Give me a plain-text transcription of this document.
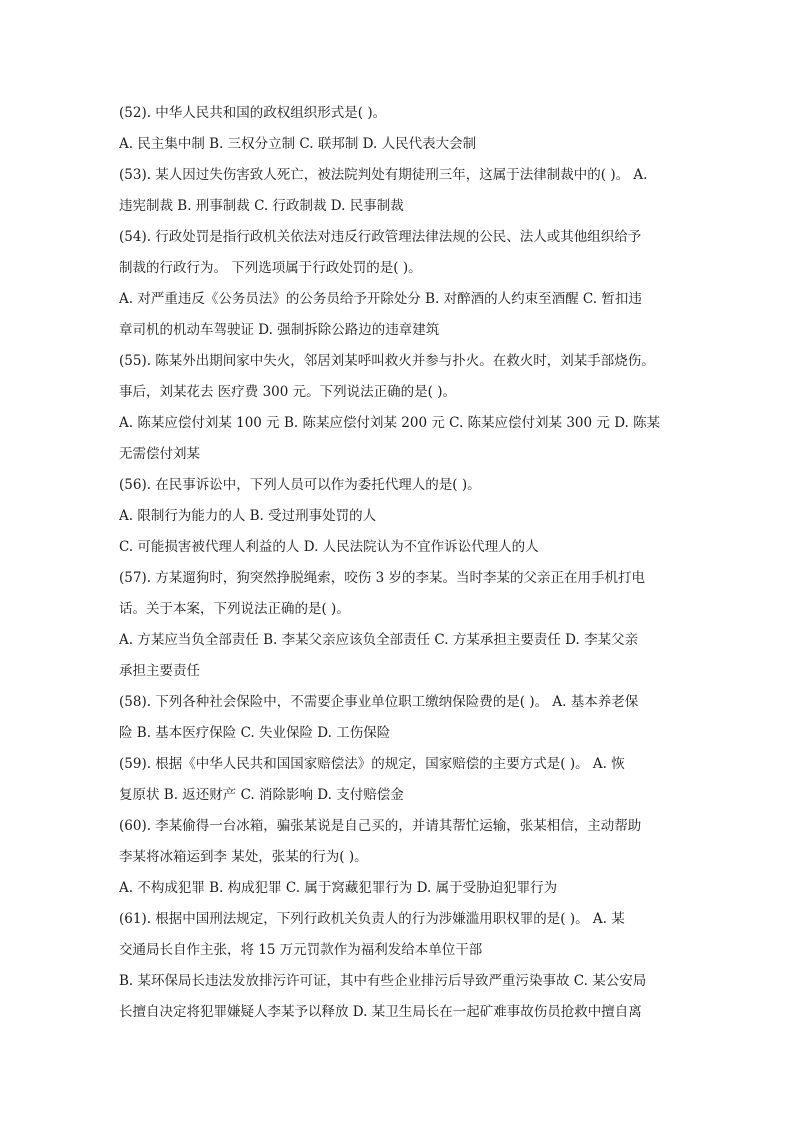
(52). 中华人民共和国的政权组织形式是( )。
A. 民主集中制 B. 三权分立制 C. 联邦制 D. 人民代表大会制
(53). 某人因过失伤害致人死亡，被法院判处有期徒刑三年，这属于法律制裁中的( )。 A.
违宪制裁 B. 刑事制裁 C. 行政制裁 D. 民事制裁
(54). 行政处罚是指行政机关依法对违反行政管理法律法规的公民、法人或其他组织给予
制裁的行政行为。 下列选项属于行政处罚的是( )。
A. 对严重违反《公务员法》的公务员给予开除处分 B. 对醉酒的人约束至酒醒 C. 暂扣违
章司机的机动车驾驶证 D. 强制拆除公路边的违章建筑
(55). 陈某外出期间家中失火，邻居刘某呼叫救火并参与扑火。在救火时，刘某手部烧伤。
事后，刘某花去 医疗费 300 元。下列说法正确的是( )。
A. 陈某应偿付刘某 100 元 B. 陈某应偿付刘某 200 元 C. 陈某应偿付刘某 300 元 D. 陈某
无需偿付刘某
(56). 在民事诉讼中，下列人员可以作为委托代理人的是( )。
A. 限制行为能力的人 B. 受过刑事处罚的人
C. 可能损害被代理人利益的人 D. 人民法院认为不宜作诉讼代理人的人
(57). 方某遛狗时，狗突然挣脱绳索，咬伤 3 岁的李某。当时李某的父亲正在用手机打电
话。关于本案，下列说法正确的是( )。
A. 方某应当负全部责任 B. 李某父亲应该负全部责任 C. 方某承担主要责任 D. 李某父亲
承担主要责任
(58). 下列各种社会保险中，不需要企事业单位职工缴纳保险费的是( )。 A. 基本养老保
险 B. 基本医疗保险 C. 失业保险 D. 工伤保险
(59). 根据《中华人民共和国国家赔偿法》的规定，国家赔偿的主要方式是( )。 A. 恢
复原状 B. 返还财产 C. 消除影响 D. 支付赔偿金
(60). 李某偷得一台冰箱，骗张某说是自己买的，并请其帮忙运输，张某相信，主动帮助
李某将冰箱运到李 某处，张某的行为( )。
A. 不构成犯罪 B. 构成犯罪 C. 属于窝藏犯罪行为 D. 属于受胁迫犯罪行为
(61). 根据中国刑法规定，下列行政机关负责人的行为涉嫌滥用职权罪的是( )。 A. 某
交通局长自作主张，将 15 万元罚款作为福利发给本单位干部
B. 某环保局长违法发放排污许可证，其中有些企业排污后导致严重污染事故 C. 某公安局
长擅自决定将犯罪嫌疑人李某予以释放 D. 某卫生局长在一起矿难事故伤员抢救中擅自离
